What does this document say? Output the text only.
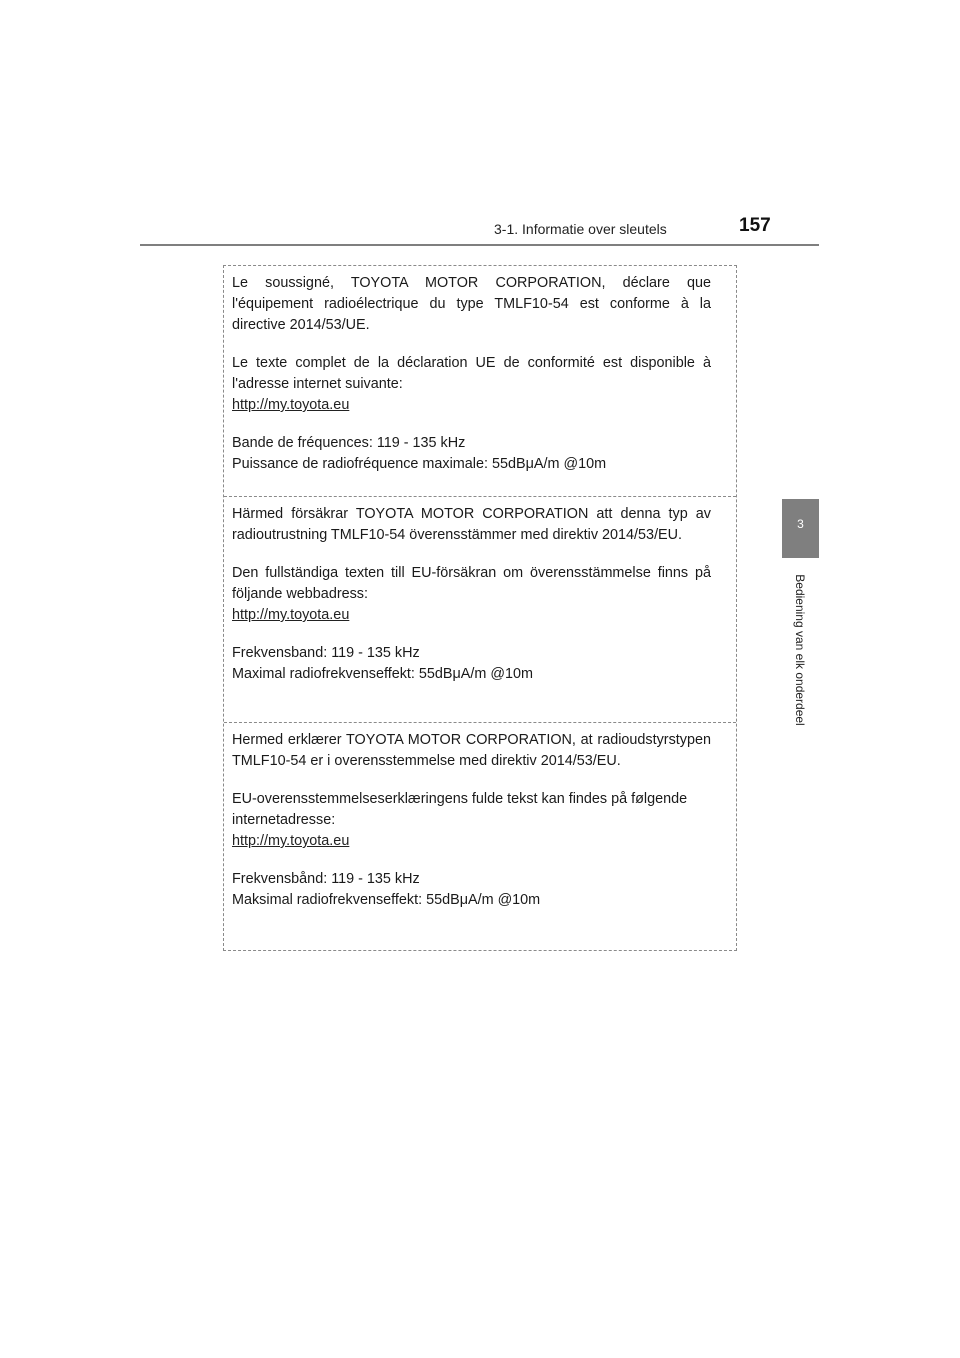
3-1. Informatie over sleutels	157
3
Bediening van elk onderdeel

Le soussigné, TOYOTA MOTOR CORPORATION, déclare que l'équipement radioélectrique du type TMLF10-54 est conforme à la directive 2014/53/UE.

Le texte complet de la déclaration UE de conformité est disponible à l'adresse internet suivante:
http://my.toyota.eu

Bande de fréquences: 119 - 135 kHz
Puissance de radiofréquence maximale: 55dBμA/m @10m

Härmed försäkrar TOYOTA MOTOR CORPORATION att denna typ av radioutrustning TMLF10-54 överensstämmer med direktiv 2014/53/EU.

Den fullständiga texten till EU-försäkran om överensstämmelse finns på följande webbadress:
http://my.toyota.eu

Frekvensband: 119 - 135 kHz
Maximal radiofrekvenseffekt: 55dBμA/m @10m

Hermed erklærer TOYOTA MOTOR CORPORATION, at radioudstyrstypen TMLF10-54 er i overensstemmelse med direktiv 2014/53/EU.

EU-overensstemmelseserklæringens fulde tekst kan findes på følgende internetadresse:
http://my.toyota.eu

Frekvensbånd: 119 - 135 kHz
Maksimal radiofrekvenseffekt: 55dBμA/m @10m
